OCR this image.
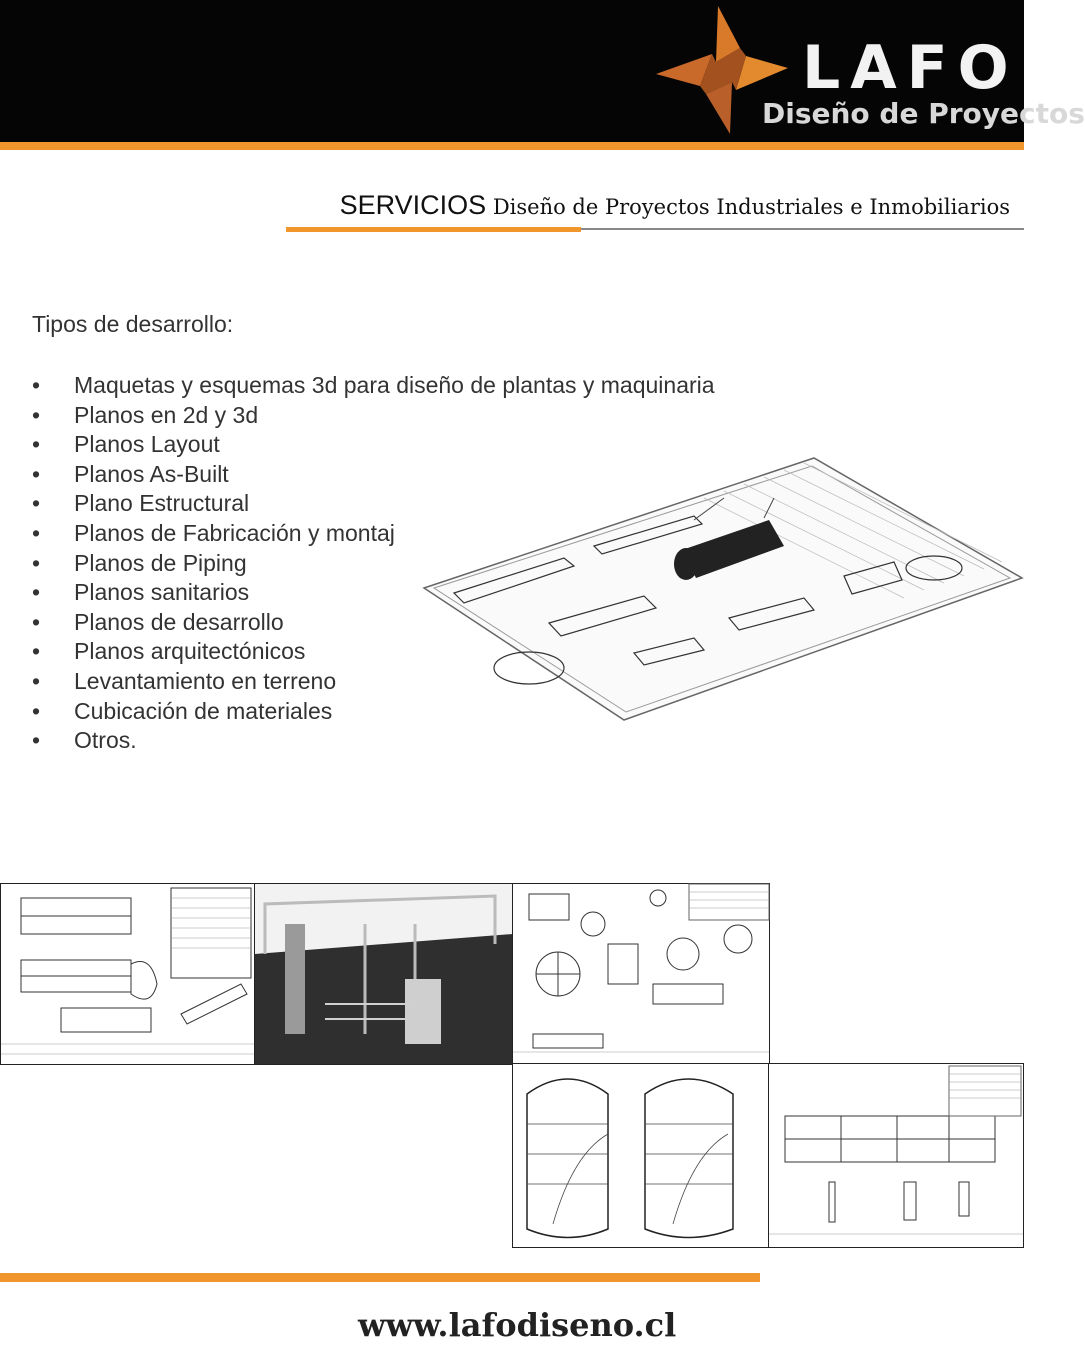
LAFO
Diseño de Proyectos
SERVICIOS Diseño de Proyectos Industriales e Inmobiliarios
Tipos de desarrollo:
• Maquetas y esquemas 3d para diseño de plantas y maquinaria
• Planos en 2d y 3d
• Planos Layout
• Planos As-Built
• Plano Estructural
• Planos de Fabricación y montaj
• Planos de Piping
• Planos sanitarios
• Planos de desarrollo
• Planos arquitectónicos
• Levantamiento en terreno
• Cubicación de materiales
• Otros.
www.lafodiseno.cl
